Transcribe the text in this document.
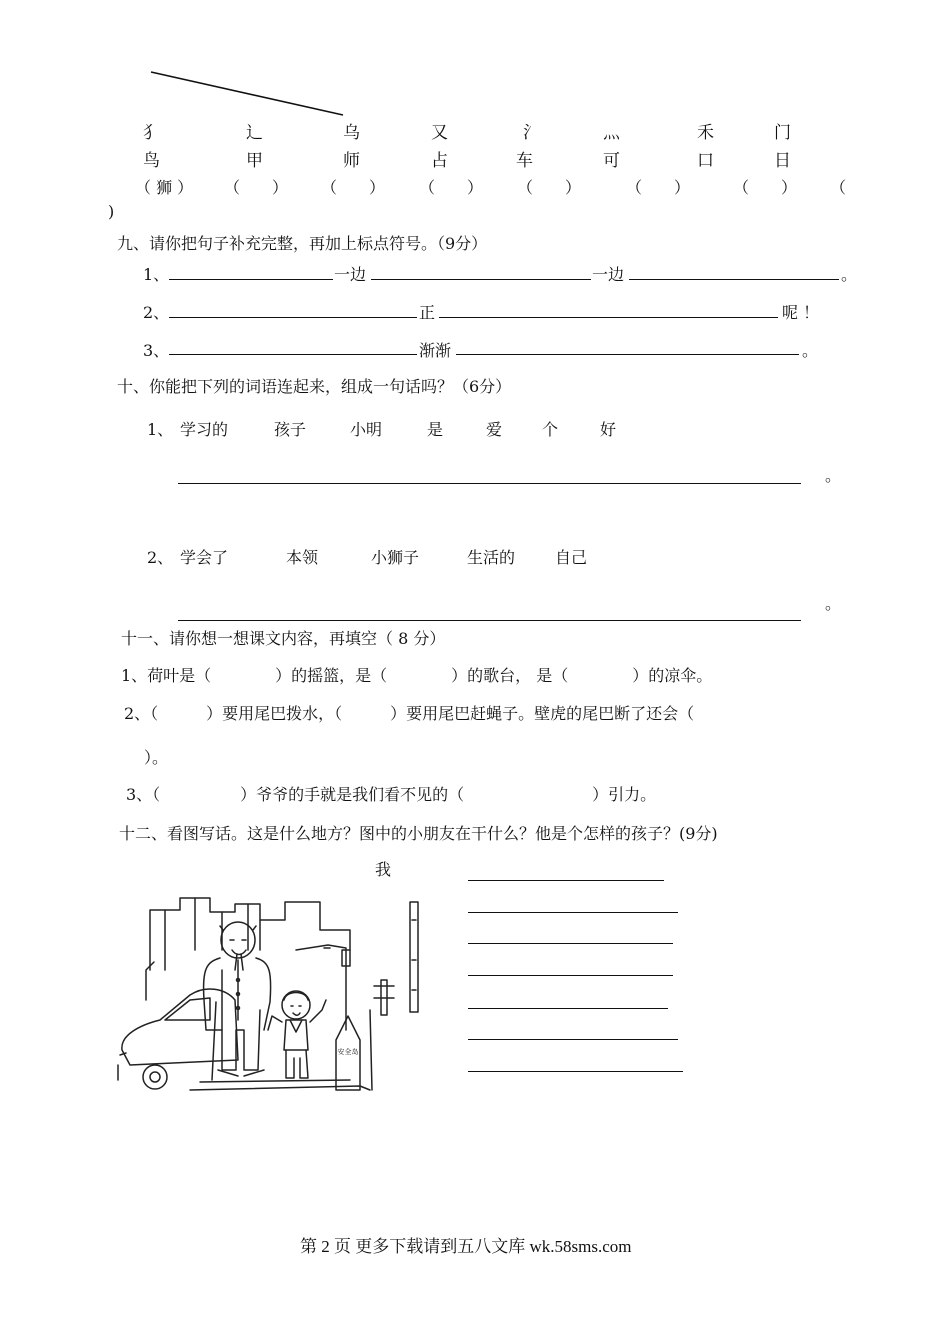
犭	辶	乌	又	氵	灬	禾	门
鸟	甲	师	占	车	可	口	日
（ 狮 ） （　　） （　　） （　　） （　　）	（　　）	（　　） （
)
九、请你把句子补充完整，再加上标点符号。（9分）
1、	一边	一边	。
2、	正	呢 ！
3、	渐渐	。
十、你能把下列的词语连起来，组成一句话吗？（6分）
1、 学习的	孩子	小明	是	爱 个	好
。
2、 学会了	本领	小狮子	生活的 自己
。
十一、请你想一想课文内容，再填空（ 8 分）
1、荷叶是（　　　　）的摇篮，是（　　　　）的歌台， 是（　　　　）的凉伞。
2、（　　　）要用尾巴拨水，（　　　）要用尾巴赶蝇子。壁虎的尾巴断了还会（
）。
3、（　　　　　）爷爷的手就是我们看不见的（　　　　　　　　）引力。
十二、看图写话。这是什么地方？图中的小朋友在干什么？他是个怎样的孩子？(9分)
我
安全岛
第 2 页 更多下载请到五八文库 wk.58sms.com
